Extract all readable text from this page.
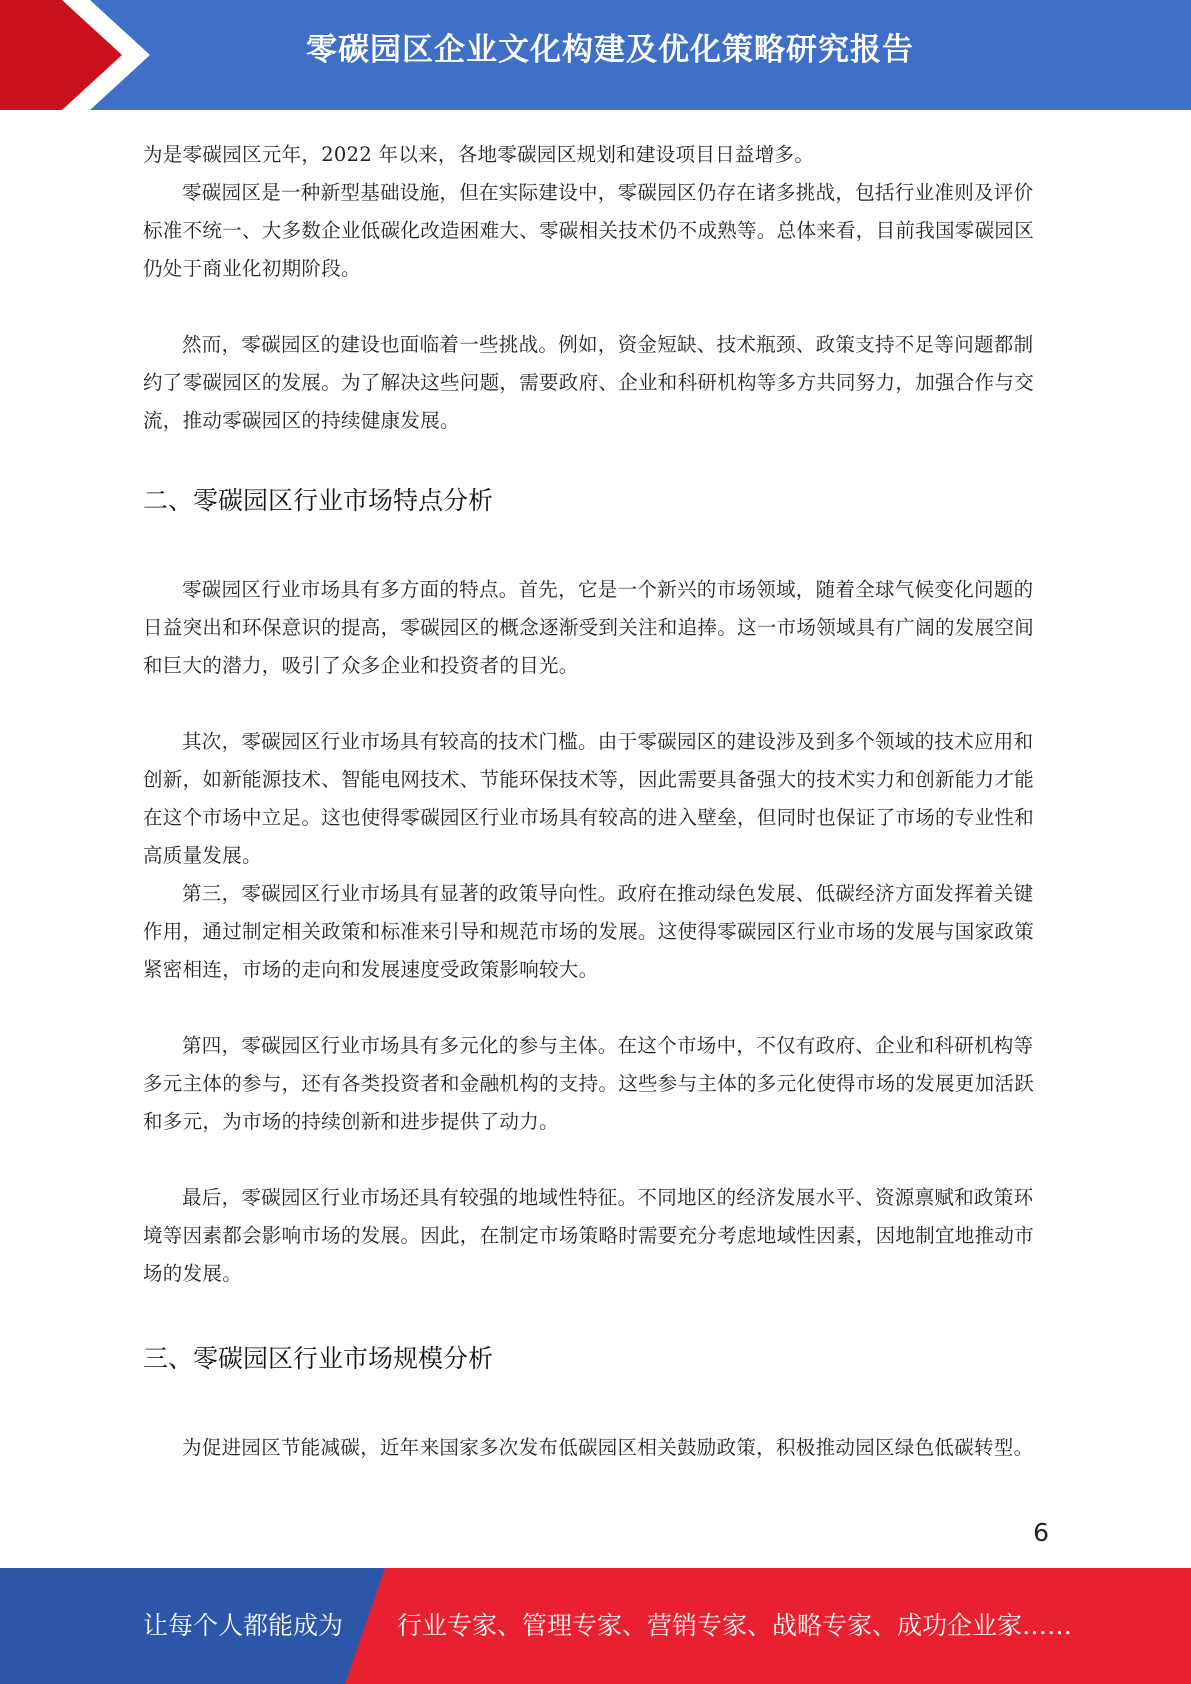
零碳园区企业文化构建及优化策略研究报告

为是零碳园区元年，2022 年以来，各地零碳园区规划和建设项目日益增多。

零碳园区是一种新型基础设施，但在实际建设中，零碳园区仍存在诸多挑战，包括行业准则及评价标准不统一、大多数企业低碳化改造困难大、零碳相关技术仍不成熟等。总体来看，目前我国零碳园区仍处于商业化初期阶段。

然而，零碳园区的建设也面临着一些挑战。例如，资金短缺、技术瓶颈、政策支持不足等问题都制约了零碳园区的发展。为了解决这些问题，需要政府、企业和科研机构等多方共同努力，加强合作与交流，推动零碳园区的持续健康发展。

二、零碳园区行业市场特点分析

零碳园区行业市场具有多方面的特点。首先，它是一个新兴的市场领域，随着全球气候变化问题的日益突出和环保意识的提高，零碳园区的概念逐渐受到关注和追捧。这一市场领域具有广阔的发展空间和巨大的潜力，吸引了众多企业和投资者的目光。

其次，零碳园区行业市场具有较高的技术门槛。由于零碳园区的建设涉及到多个领域的技术应用和创新，如新能源技术、智能电网技术、节能环保技术等，因此需要具备强大的技术实力和创新能力才能在这个市场中立足。这也使得零碳园区行业市场具有较高的进入壁垒，但同时也保证了市场的专业性和高质量发展。

第三，零碳园区行业市场具有显著的政策导向性。政府在推动绿色发展、低碳经济方面发挥着关键作用，通过制定相关政策和标准来引导和规范市场的发展。这使得零碳园区行业市场的发展与国家政策紧密相连，市场的走向和发展速度受政策影响较大。

第四，零碳园区行业市场具有多元化的参与主体。在这个市场中，不仅有政府、企业和科研机构等多元主体的参与，还有各类投资者和金融机构的支持。这些参与主体的多元化使得市场的发展更加活跃和多元，为市场的持续创新和进步提供了动力。

最后，零碳园区行业市场还具有较强的地域性特征。不同地区的经济发展水平、资源禀赋和政策环境等因素都会影响市场的发展。因此，在制定市场策略时需要充分考虑地域性因素，因地制宜地推动市场的发展。

三、零碳园区行业市场规模分析

为促进园区节能减碳，近年来国家多次发布低碳园区相关鼓励政策，积极推动园区绿色低碳转型。

6
让每个人都能成为 行业专家、管理专家、营销专家、战略专家、成功企业家……
